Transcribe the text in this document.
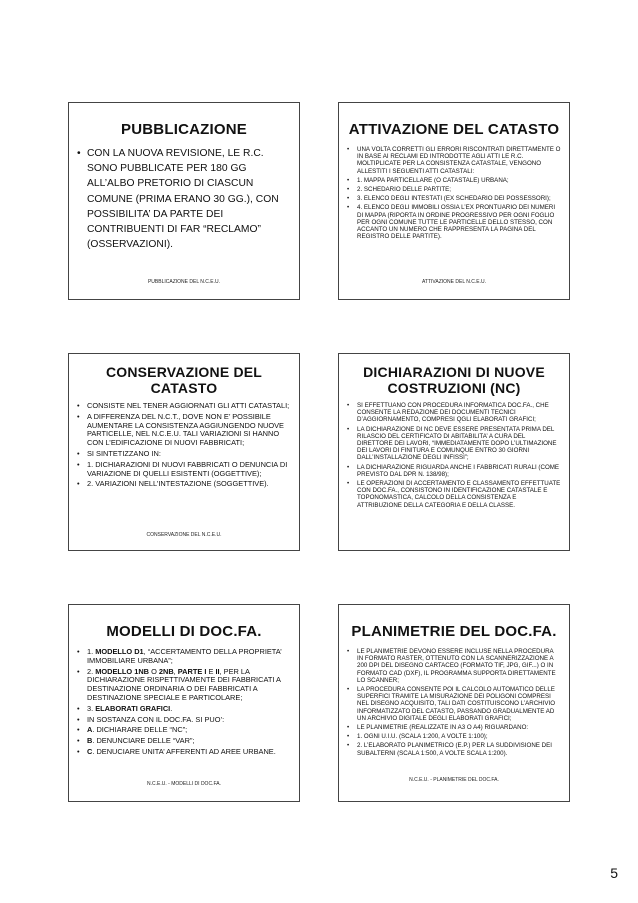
PUBBLICAZIONE
• CON LA NUOVA REVISIONE, LE R.C. SONO PUBBLICATE PER 180 GG ALL’ALBO PRETORIO DI CIASCUN COMUNE (PRIMA ERANO 30 GG.), CON POSSIBILITA’ DA PARTE DEI CONTRIBUENTI DI FAR “RECLAMO” (OSSERVAZIONI).
PUBBLICAZIONE DEL N.C.E.U.
ATTIVAZIONE DEL CATASTO
• UNA VOLTA CORRETTI GLI ERRORI RISCONTRATI DIRETTAMENTE O IN BASE AI RECLAMI ED INTRODOTTE AGLI ATTI LE R.C. MOLTIPLICATE PER LA CONSISTENZA CATASTALE, VENGONO ALLESTITI I SEGUENTI ATTI CATASTALI:
• 1. MAPPA PARTICELLARE (O CATASTALE) URBANA;
• 2. SCHEDARIO DELLE PARTITE;
• 3. ELENCO DEGLI INTESTATI (EX SCHEDARIO DEI POSSESSORI);
• 4. ELENCO DEGLI IMMOBILI OSSIA L’EX PRONTUARIO DEI NUMERI DI MAPPA (RIPORTA IN ORDINE PROGRESSIVO PER OGNI FOGLIO PER OGNI COMUNE TUTTE LE PARTICELLE DELLO STESSO, CON ACCANTO UN NUMERO CHE RAPPRESENTA LA PAGINA DEL REGISTRO DELLE PARTITE).
ATTIVAZIONE DEL N.C.E.U.
CONSERVAZIONE DEL CATASTO
• CONSISTE NEL TENER AGGIORNATI GLI ATTI CATASTALI;
• A DIFFERENZA DEL N.C.T., DOVE NON E’ POSSIBILE AUMENTARE LA CONSISTENZA AGGIUNGENDO NUOVE PARTICELLE, NEL N.C.E.U. TALI VARIAZIONI SI HANNO CON L’EDIFICAZIONE DI NUOVI FABBRICATI;
• SI SINTETIZZANO IN:
• 1. DICHIARAZIONI DI NUOVI FABBRICATI O DENUNCIA DI VARIAZIONE DI QUELLI ESISTENTI (OGGETTIVE);
• 2. VARIAZIONI NELL’INTESTAZIONE (SOGGETTIVE).
CONSERVAZIONE DEL N.C.E.U.
DICHIARAZIONI DI NUOVE COSTRUZIONI (NC)
• SI EFFETTUANO CON PROCEDURA INFORMATICA DOC.FA., CHE CONSENTE LA REDAZIONE DEI DOCUMENTI TECNICI D’AGGIORNAMENTO, COMPRESI QGLI ELABORATI GRAFICI;
• LA DICHIARAZIONE DI NC DEVE ESSERE PRESENTATA PRIMA DEL RILASCIO DEL CERTIFICATO DI ABITABILITA’ A CURA DEL DIRETTORE DEI LAVORI, “IMMEDIATAMENTE DOPO L’ULTIMAZIONE DEI LAVORI DI FINITURA E COMUNQUE ENTRO 30 GIORNI DALL’INSTALLAZIONE DEGLI INFISSI”;
• LA DICHIARAZIONE RIGUARDA ANCHE I FABBRICATI RURALI (COME PREVISTO DAL DPR N. 138/98);
• LE OPERAZIONI DI ACCERTAMENTO E CLASSAMENTO EFFETTUATE CON DOC.FA., CONSISTONO IN IDENTIFICAZIONE CATASTALE E TOPONOMASTICA, CALCOLO DELLA CONSISTENZA E ATTRIBUZIONE DELLA CATEGORIA E DELLA CLASSE.
MODELLI DI DOC.FA.
• 1. MODELLO D1, “ACCERTAMENTO DELLA PROPRIETA’ IMMOBILIARE URBANA”;
• 2. MODELLO 1NB O 2NB, PARTE I E II, PER LA DICHIARAZIONE RISPETTIVAMENTE DEI FABBRICATI A DESTINAZIONE ORDINARIA O DEI FABBRICATI A DESTINAZIONE SPECIALE E PARTICOLARE;
• 3. ELABORATI GRAFICI.
• IN SOSTANZA CON IL DOC.FA. SI PUO’:
• A. DICHIARARE DELLE “NC”;
• B. DENUNCIARE DELLE “VAR”;
• C. DENUCIARE UNITA’ AFFERENTI AD AREE URBANE.
N.C.E.U. - MODELLI DI DOC.FA.
PLANIMETRIE DEL DOC.FA.
• LE PLANIMETRIE DEVONO ESSERE INCLUSE NELLA PROCEDURA IN FORMATO RASTER, OTTENUTO CON LA SCANNERIZZAZIONE A 200 DPI DEL DISEGNO CARTACEO (FORMATO TIF, JPG, GIF...) O IN FORMATO CAD (DXF), IL PROGRAMMA SUPPORTA DIRETTAMENTE LO SCANNER;
• LA PROCEDURA CONSENTE POI IL CALCOLO AUTOMATICO DELLE SUPERFICI TRAMITE LA MISURAZIONE DEI POLIGONI COMPRESI NEL DISEGNO ACQUISITO, TALI DATI COSTITUISCONO L’ARCHIVIO INFORMATIZZATO DEL CATASTO, PASSANDO GRADUALMENTE AD UN ARCHIVIO DIGITALE DEGLI ELABORATI GRAFICI;
• LE PLANIMETRIE (REALIZZATE IN A3 O A4) RIGUARDANO:
• 1. OGNI U.I.U. (SCALA 1:200, A VOLTE 1:100);
• 2. L’ELABORATO PLANIMETRICO (E.P.) PER LA SUDDIVISIONE DEI SUBALTERNI (SCALA 1:500, A VOLTE SCALA 1:200).
N.C.E.U. - PLANIMETRIE DEL DOC.FA.
5
